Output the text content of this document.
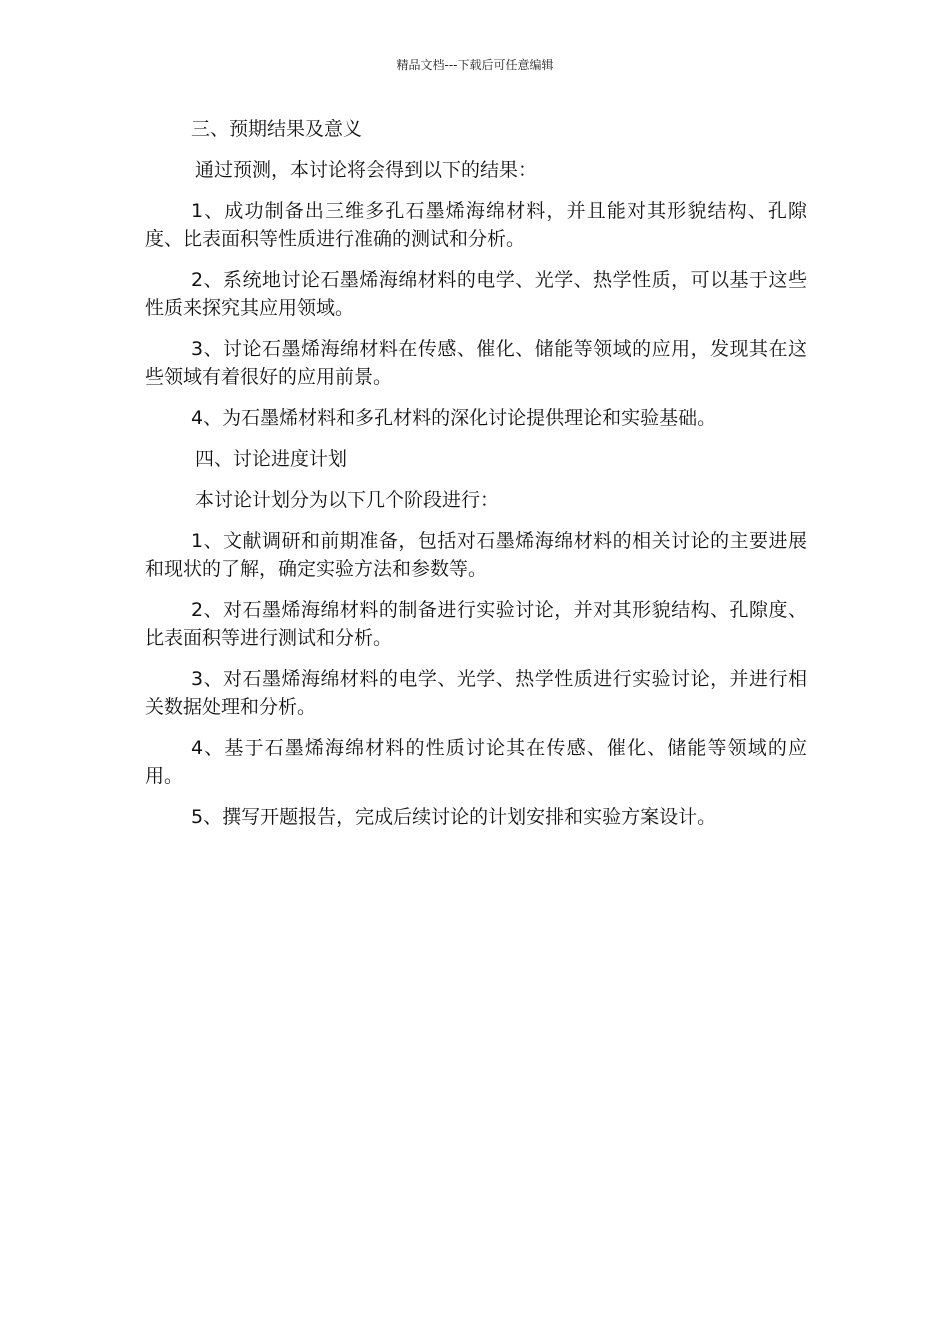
精品文档---下载后可任意编辑

三、预期结果及意义

通过预测，本讨论将会得到以下的结果：

1、成功制备出三维多孔石墨烯海绵材料，并且能对其形貌结构、孔隙度、比表面积等性质进行准确的测试和分析。

2、系统地讨论石墨烯海绵材料的电学、光学、热学性质，可以基于这些性质来探究其应用领域。

3、讨论石墨烯海绵材料在传感、催化、储能等领域的应用，发现其在这些领域有着很好的应用前景。

4、为石墨烯材料和多孔材料的深化讨论提供理论和实验基础。

四、讨论进度计划

本讨论计划分为以下几个阶段进行：

1、文献调研和前期准备，包括对石墨烯海绵材料的相关讨论的主要进展和现状的了解，确定实验方法和参数等。

2、对石墨烯海绵材料的制备进行实验讨论，并对其形貌结构、孔隙度、比表面积等进行测试和分析。

3、对石墨烯海绵材料的电学、光学、热学性质进行实验讨论，并进行相关数据处理和分析。

4、基于石墨烯海绵材料的性质讨论其在传感、催化、储能等领域的应用。

5、撰写开题报告，完成后续讨论的计划安排和实验方案设计。
